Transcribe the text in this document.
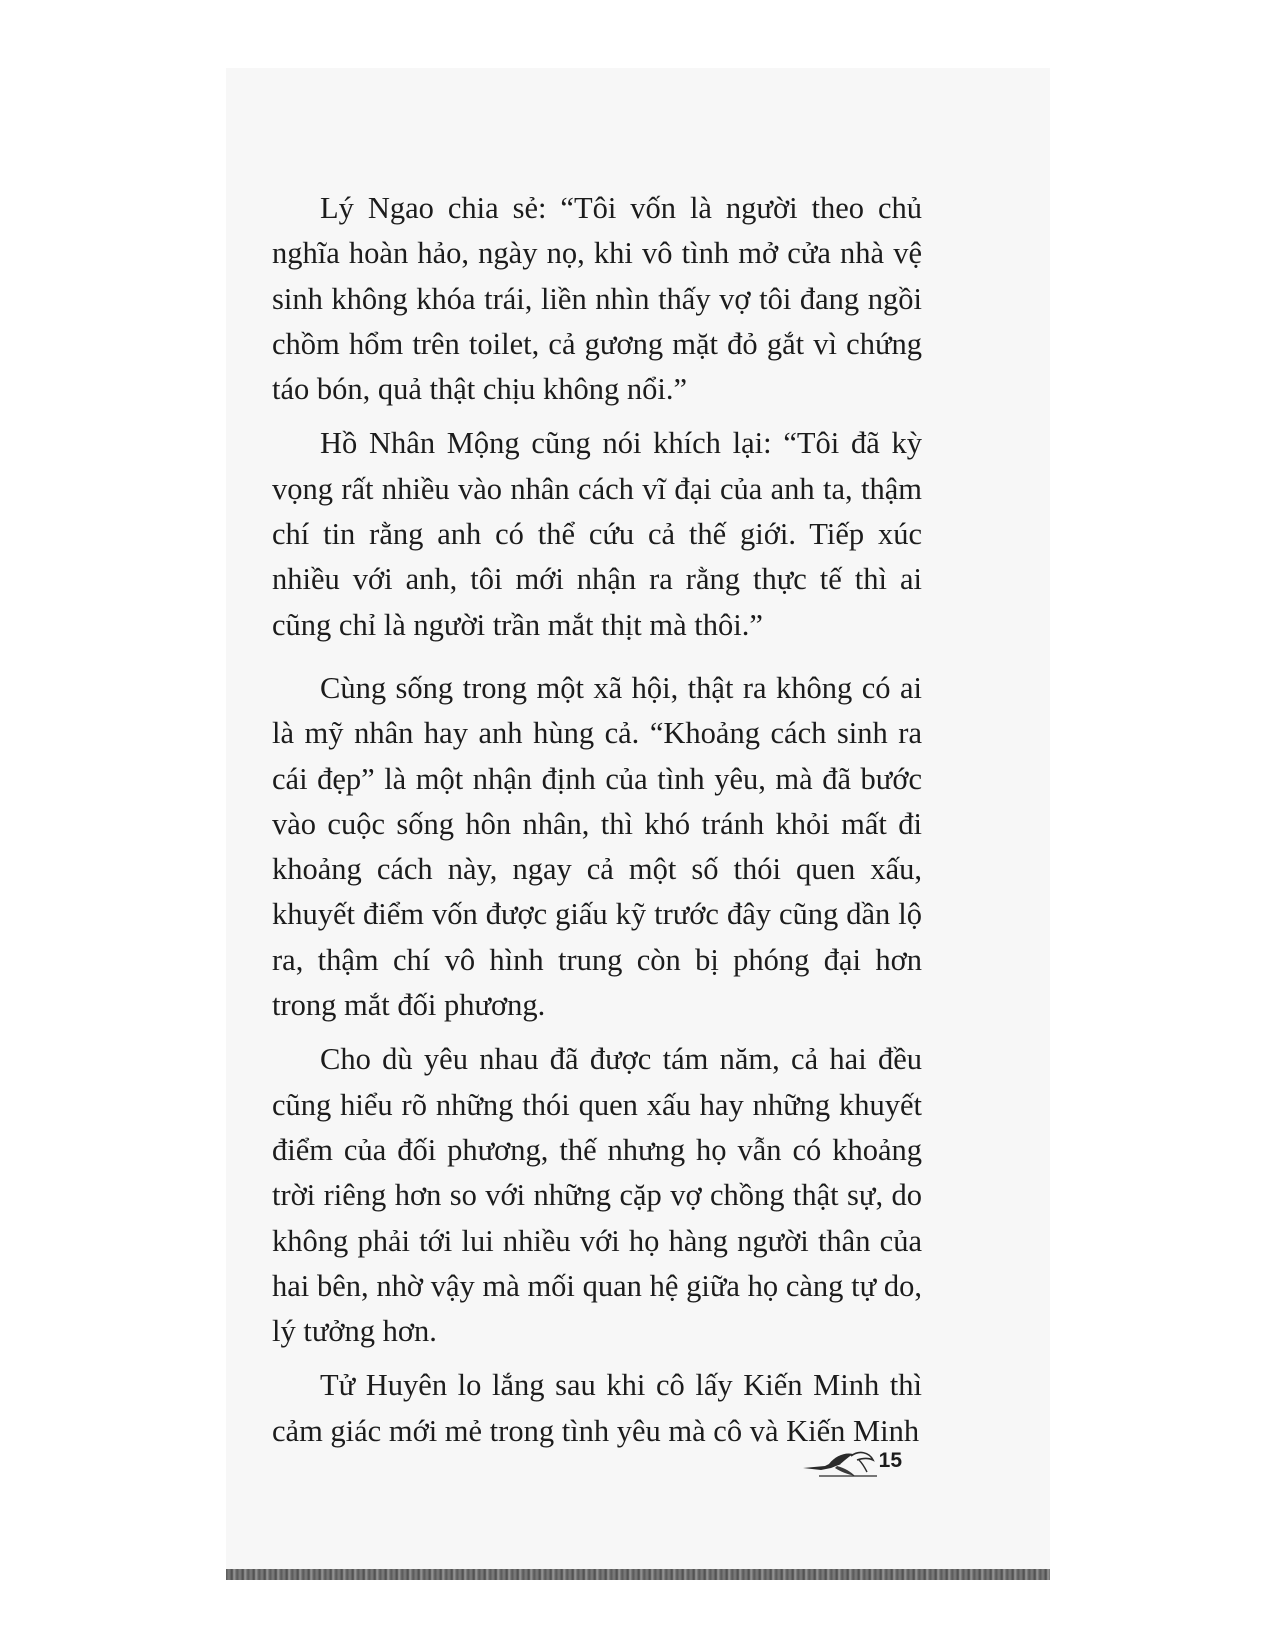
Lý Ngao chia sẻ: “Tôi vốn là người theo chủ nghĩa hoàn hảo, ngày nọ, khi vô tình mở cửa nhà vệ sinh không khóa trái, liền nhìn thấy vợ tôi đang ngồi chồm hổm trên toilet, cả gương mặt đỏ gắt vì chứng táo bón, quả thật chịu không nổi.”

Hồ Nhân Mộng cũng nói khích lại: “Tôi đã kỳ vọng rất nhiều vào nhân cách vĩ đại của anh ta, thậm chí tin rằng anh có thể cứu cả thế giới. Tiếp xúc nhiều với anh, tôi mới nhận ra rằng thực tế thì ai cũng chỉ là người trần mắt thịt mà thôi.”

Cùng sống trong một xã hội, thật ra không có ai là mỹ nhân hay anh hùng cả. “Khoảng cách sinh ra cái đẹp” là một nhận định của tình yêu, mà đã bước vào cuộc sống hôn nhân, thì khó tránh khỏi mất đi khoảng cách này, ngay cả một số thói quen xấu, khuyết điểm vốn được giấu kỹ trước đây cũng dần lộ ra, thậm chí vô hình trung còn bị phóng đại hơn trong mắt đối phương.

Cho dù yêu nhau đã được tám năm, cả hai đều cũng hiểu rõ những thói quen xấu hay những khuyết điểm của đối phương, thế nhưng họ vẫn có khoảng trời riêng hơn so với những cặp vợ chồng thật sự, do không phải tới lui nhiều với họ hàng người thân của hai bên, nhờ vậy mà mối quan hệ giữa họ càng tự do, lý tưởng hơn.

Tử Huyên lo lắng sau khi cô lấy Kiến Minh thì cảm giác mới mẻ trong tình yêu mà cô và Kiến Minh

15
